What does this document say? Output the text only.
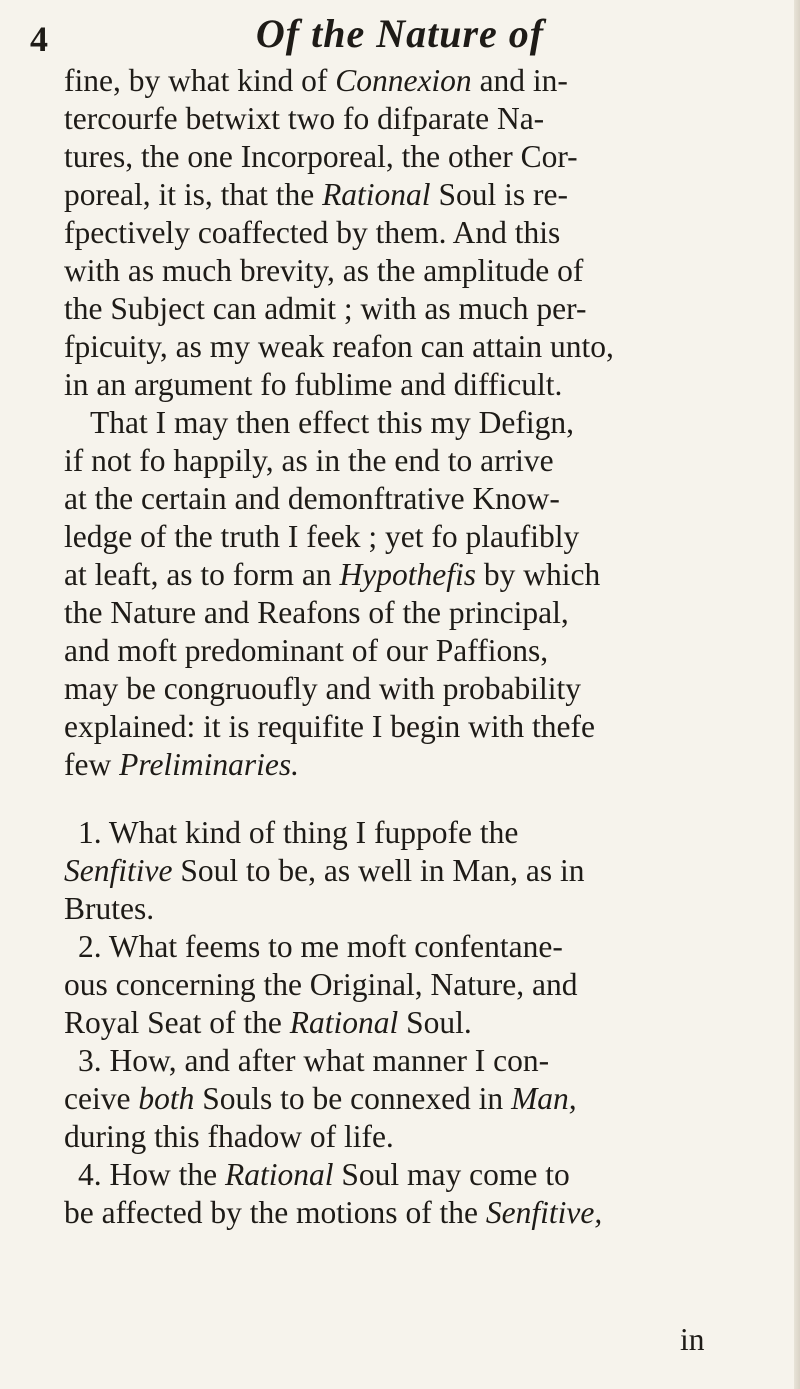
4	Of the Nature of
fine, by what kind of Connexion and in-
tercourfe betwixt two fo difparate Na-
tures, the one Incorporeal, the other Cor-
poreal, it is, that the Rational Soul is re-
fpectively coaffected by them. And this
with as much brevity, as the amplitude of
the Subject can admit ; with as much per-
fpicuity, as my weak reafon can attain unto,
in an argument fo fublime and difficult.
That I may then effect this my Defign,
if not fo happily, as in the end to arrive
at the certain and demonftrative Know-
ledge of the truth I feek ; yet fo plaufibly
at leaft, as to form an Hypothefis by which
the Nature and Reafons of the principal,
and moft predominant of our Paffions,
may be congruoufly and with probability
explained: it is requifite I begin with thefe
few Preliminaries.
1. What kind of thing I fuppofe the
Senfitive Soul to be, as well in Man, as in
Brutes.
2. What feems to me moft confentane-
ous concerning the Original, Nature, and
Royal Seat of the Rational Soul.
3. How, and after what manner I con-
ceive both Souls to be connexed in Man,
during this fhadow of life.
4. How the Rational Soul may come to
be affected by the motions of the Senfitive,
in
